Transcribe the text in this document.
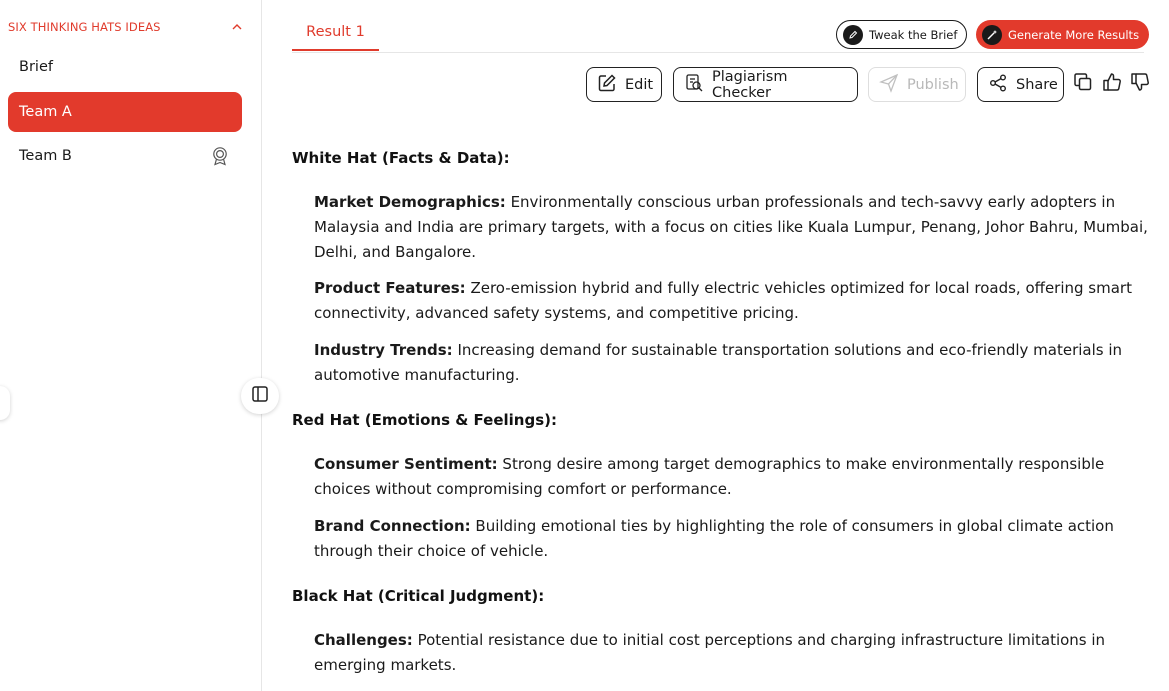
SIX THINKING HATS IDEAS
Brief
Team A
Team B
Result 1	Tweak the Brief	Generate More Results
Edit	Plagiarism Checker	Publish	Share
White Hat (Facts & Data):
Market Demographics: Environmentally conscious urban professionals and tech-savvy early adopters in Malaysia and India are primary targets, with a focus on cities like Kuala Lumpur, Penang, Johor Bahru, Mumbai, Delhi, and Bangalore.
Product Features: Zero-emission hybrid and fully electric vehicles optimized for local roads, offering smart connectivity, advanced safety systems, and competitive pricing.
Industry Trends: Increasing demand for sustainable transportation solutions and eco-friendly materials in automotive manufacturing.
Red Hat (Emotions & Feelings):
Consumer Sentiment: Strong desire among target demographics to make environmentally responsible choices without compromising comfort or performance.
Brand Connection: Building emotional ties by highlighting the role of consumers in global climate action through their choice of vehicle.
Black Hat (Critical Judgment):
Challenges: Potential resistance due to initial cost perceptions and charging infrastructure limitations in emerging markets.
